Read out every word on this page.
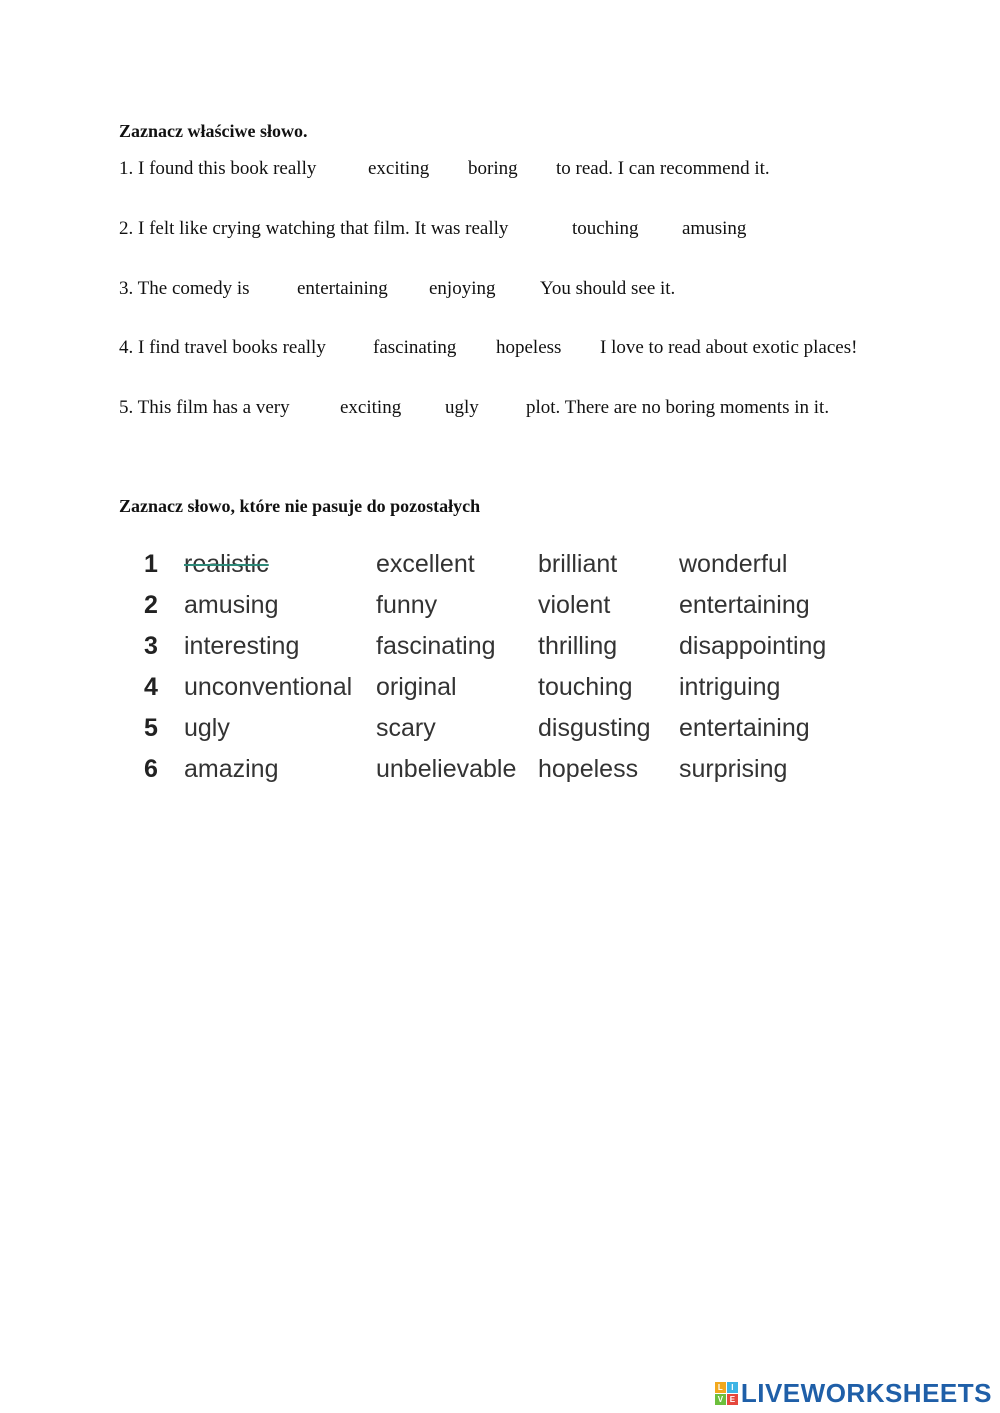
Zaznacz właściwe słowo.
1. I found this book really	exciting boring to read. I can recommend it.
2. I felt like crying watching that film. It was really	touching amusing
3. The comedy is entertaining enjoying You should see it.
4. I find travel books really fascinating hopeless I love to read about exotic places!
5. This film has a very	exciting ugly plot. There are no boring moments in it.
Zaznacz słowo, które nie pasuje do pozostałych
1 realistic	excellent	brilliant wonderful
2 amusing	funny	violent	entertaining
3 interesting	fascinating thrilling disappointing
4 unconventional original	touching intriguing
5 ugly	scary	disgusting entertaining
6 amazing	unbelievable hopeless surprising
L	I
V E LIVEWORKSHEETS
